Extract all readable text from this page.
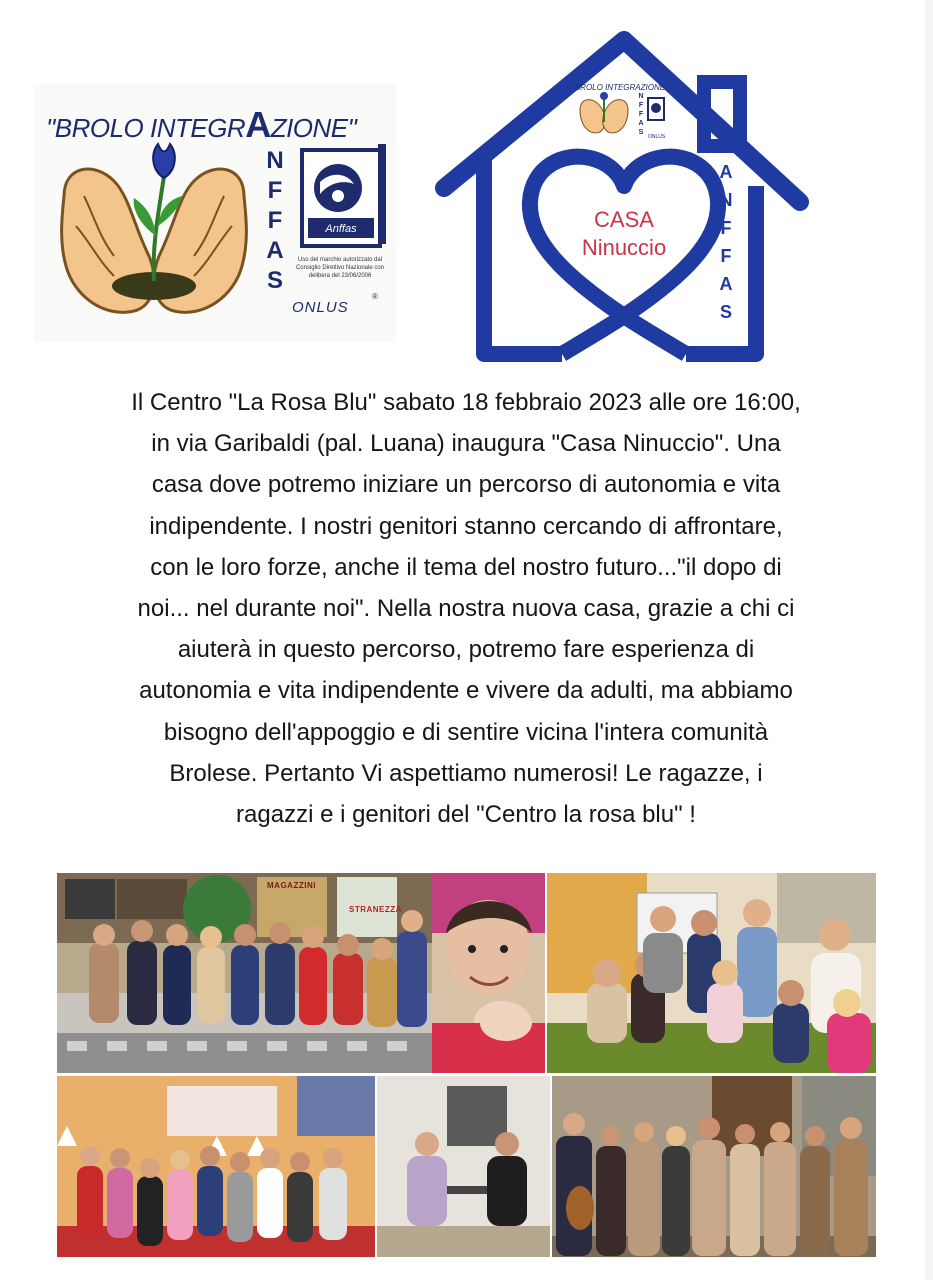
"BROLO INTEGRAZIONE"
N
F
F
A
S
Anffas
Uso del marchio autorizzato dal Consiglio Direttivo Nazionale con delibera del 23/06/2006
ONLUS
®
"BROLO INTEGRAZIONE"
N
F
F
A
S
ONLUS
CASA
Ninuccio
A
N
F
F
A
S
Il Centro "La Rosa Blu" sabato 18 febbraio 2023 alle ore 16:00,
in via Garibaldi (pal. Luana) inaugura "Casa Ninuccio". Una
casa dove potremo iniziare un percorso di autonomia e vita
indipendente. I nostri genitori stanno cercando di affrontare,
con le loro forze, anche il tema del nostro futuro..."il dopo di
noi... nel durante noi". Nella nostra nuova casa, grazie a chi ci
aiuterà in questo percorso, potremo fare esperienza di
autonomia e vita indipendente e vivere da adulti, ma abbiamo
bisogno dell'appoggio e di sentire vicina l'intera comunità
Brolese. Pertanto Vi aspettiamo numerosi! Le ragazze, i
ragazzi e i genitori del "Centro la rosa blu" !
STRANEZZA
MAGAZZINI
